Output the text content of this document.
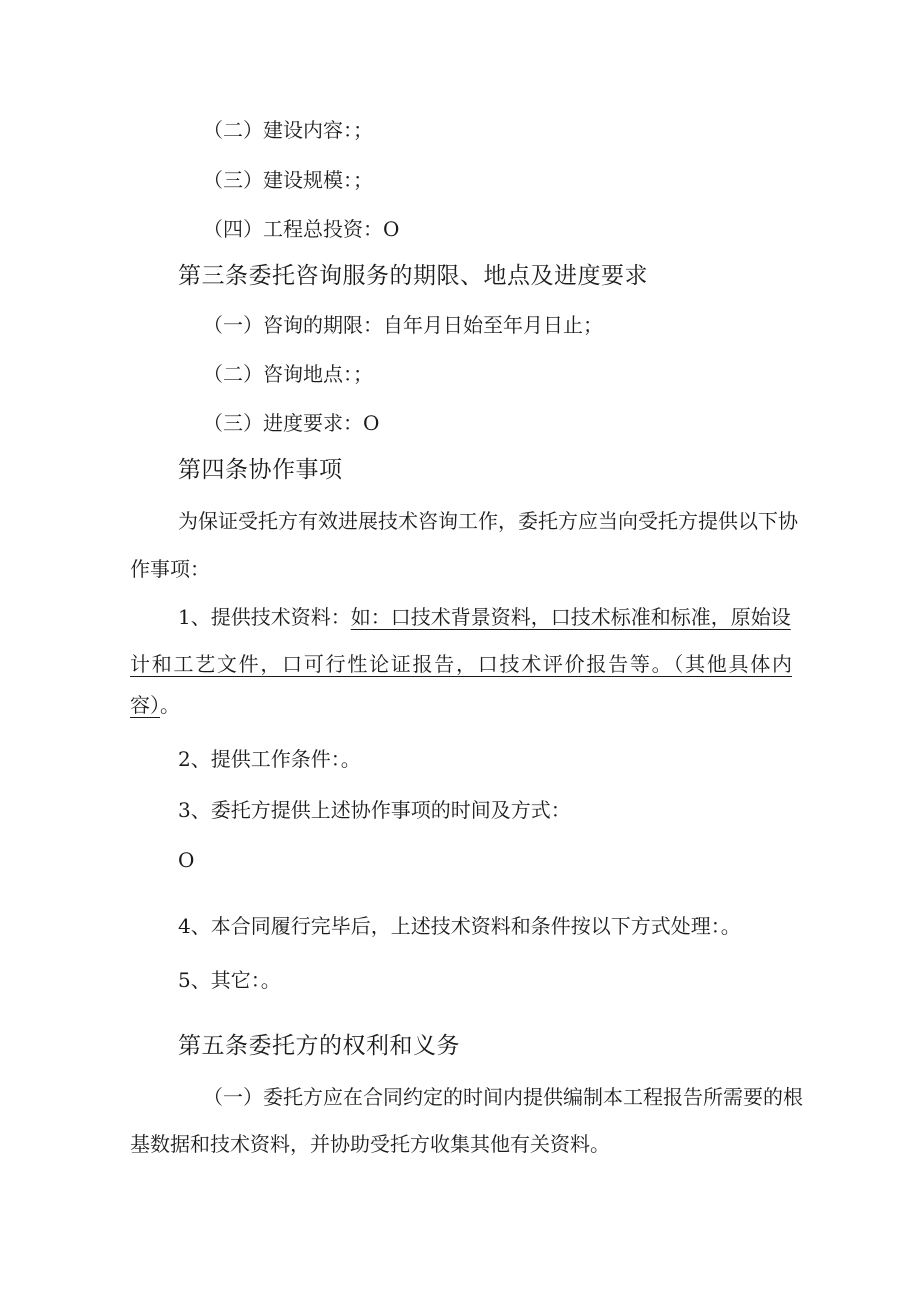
（二）建设内容：；
（三）建设规模：；
（四）工程总投资：O
第三条委托咨询服务的期限、地点及进度要求
（一）咨询的期限：自年月日始至年月日止；
（二）咨询地点：；
（三）进度要求：O
第四条协作事项
为保证受托方有效进展技术咨询工作，委托方应当向受托方提供以下协
作事项：
1、提供技术资料：如：口技术背景资料，口技术标准和标准，原始设
计和工艺文件，口可行性论证报告，口技术评价报告等。（其他具体内
容）。
2、提供工作条件：。
3、委托方提供上述协作事项的时间及方式：
O
4、本合同履行完毕后，上述技术资料和条件按以下方式处理：。
5、其它：。
第五条委托方的权利和义务
（一）委托方应在合同约定的时间内提供编制本工程报告所需要的根
基数据和技术资料，并协助受托方收集其他有关资料。
